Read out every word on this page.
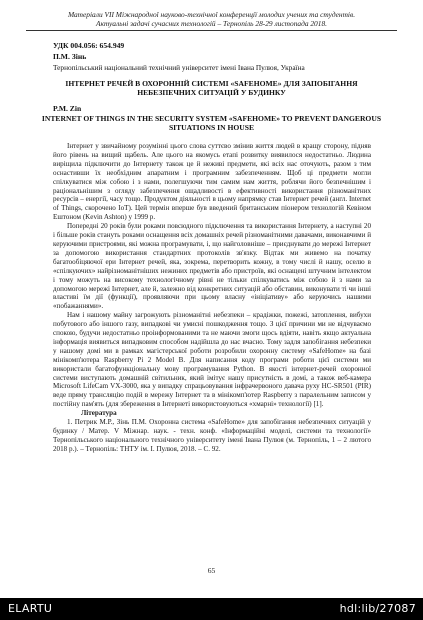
Матеріали VII Міжнародної науково-технічної конференції молодих учених та студентів.
Актуальні задачі сучасних технологій – Тернопіль 28-29 листопада 2018.
УДК 004.056: 654.949
П.М. Зінь
Тернопільський національний технічний університет імені Івана Пулюя, Україна
ІНТЕРНЕТ РЕЧЕЙ В ОХОРОННІЙ СИСТЕМІ «SAFEHOME» ДЛЯ ЗАПОБІГАННЯ НЕБЕЗПЕЧНИХ СИТУАЦІЙ У БУДИНКУ
P.M. Zin
INTERNET OF THINGS IN THE SECURITY SYSTEM «SAFEHOME» TO PREVENT DANGEROUS SITUATIONS IN HOUSE

Інтернет у звичайному розумінні цього слова суттєво змінив життя людей в кращу сторону, підняв його рівень на вищий щабель. Але цього на якомусь етапі розвитку виявилося недостатньо. Людина виріщила підключити до Інтернету також це й неживі предмети, які всіх нас оточують, разом з тим оснастивши їх необхідним апаратним і програмним забезпеченням. Щоб ці предмети могли спілкуватися між собою і з нами, полегшуючи тим самим нам життя, роблячи його безпечнішим і раціональнішим з огляду забезпечення ощадливості в ефективності використання різноманітних ресурсів – енергії, часу тощо. Продуктом діяльності в цьому напрямку став Інтернет речей (англ. Internet of Things, скорочено IoT). Цей термін вперше був введений британським піонером технологій Кевіном Ештоном (Kevin Ashton) у 1999 р.

Попередні 20 років були роками повсюдного підключення та використання Інтернету, а наступні 20 і більше років стануть роками оснащення всіх домашніх речей різноманітними давачами, виконавчими й керуючими пристроями, які можна програмувати, і, що найголовніше – приєднувати до мережі Інтернет за допомогою використання стандартних протоколів зв'язку. Відтак ми живемо на початку багатообіцяючої ери Інтернет речей, яка, зокрема, перетворить кожну, в тому числі й нашу, оселю в «спілкуючих» найрізноманітніших нежиних предметів або пристроїв, які оснащені штучним інтелектом і тому можуть на високому технологічному рівні не тільки спілкуватись між собою й з нами за допомогою мережі Інтернет, але й, залежно від конкретних ситуацій або обставин, виконувати ті чи інші властиві їм дії (функції), проявляючи при цьому власну «ініціативу» або керуючись нашими «побажаннями».

Нам і нашому майну загрожують різноманітні небезпеки – крадіжки, пожежі, затоплення, вибухи побутового або іншого газу, випадкові чи умисні пошкодження тощо. З цієї причини ми не відчуваємо спокою, будучи недостатньо проінформованими та не маючи змоги щось вдіяти, навіть якщо актуальна інформація виявиться випадковим способом надійшла до нас вчасно. Тому задля запобігання небезпеки у нашому домі ми в рамках магістерської роботи розробили охоронну систему «SafeHome» на базі мінікомп'ютера Raspberry Pi 2 Model B. Для написання коду програми роботи цієї системи ми використали багатофункціональну мову програмування Python. В якості інтернет-речей охоронної системи виступають домашній світильник, який імітує нашу присутність в домі, а також веб-камера Microsoft LifeCam VX-3000, яка у випадку спрацьовування інфрачервоного давача руху HC-SR501 (PIR) веде пряму трансляцію подій в мережу Інтернет та в мінікомп'ютер Raspberry з паралельним записом у постійну пам'ять (для збереження в Інтернеті використовуються «хмарні» технології) [1].

Література

1. Петрик М.Р., Зінь П.М. Охоронна система «SafeHome» для запобігання небезпечних ситуацій у будинку / Матер. V Міжнар. наук. - техн. конф. «Інформаційні моделі, системи та технології» Тернопільського національного технічного університету імені Івана Пулюя (м. Тернопіль, 1 – 2 лютого 2018 р.). – Тернопіль: ТНТУ ім. І. Пулюя, 2018. – С. 92.

65
ELARTU	hdl:lib/27087
